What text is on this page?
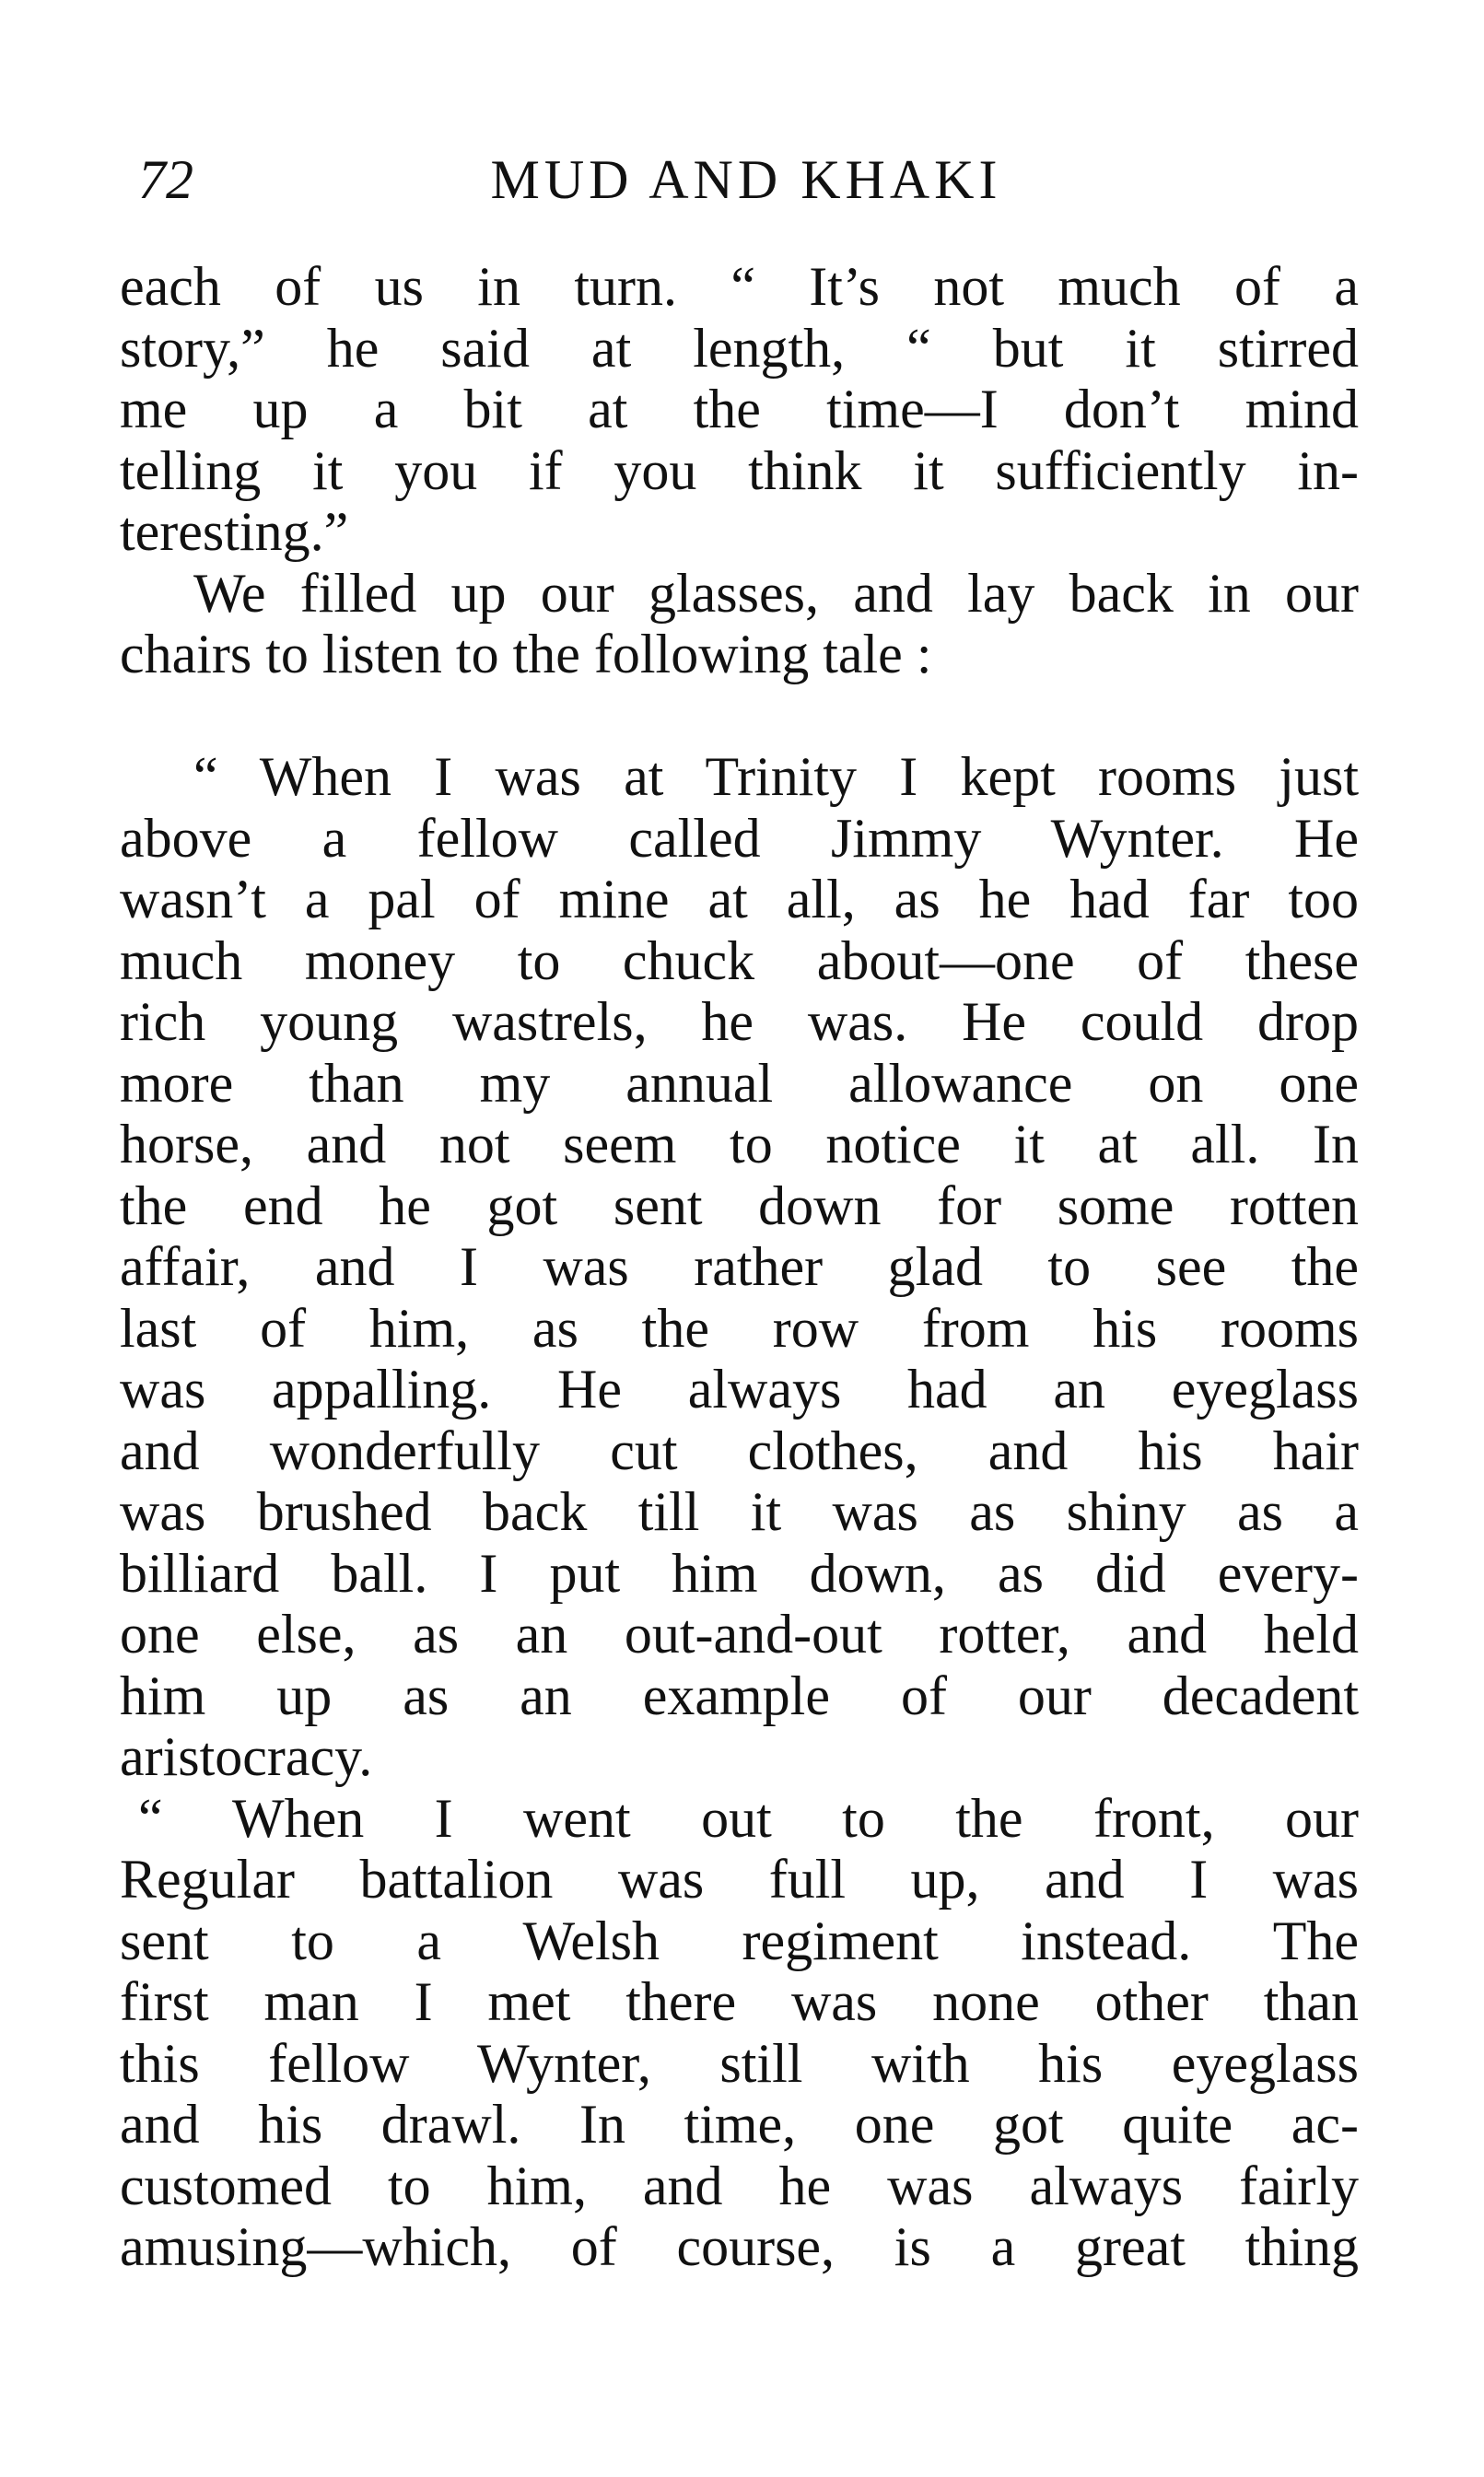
72	MUD AND KHAKI
each of us in turn. “ It’s not much of a
story,” he said at length, “ but it stirred
me up a bit at the time—I don’t mind
telling it you if you think it sufficiently in-
teresting.”
We filled up our glasses, and lay back in our
chairs to listen to the following tale :
“ When I was at Trinity I kept rooms just
above a fellow called Jimmy Wynter. He
wasn’t a pal of mine at all, as he had far too
much money to chuck about—one of these
rich young wastrels, he was. He could drop
more than my annual allowance on one
horse, and not seem to notice it at all. In
the end he got sent down for some rotten
affair, and I was rather glad to see the
last of him, as the row from his rooms
was appalling. He always had an eyeglass
and wonderfully cut clothes, and his hair
was brushed back till it was as shiny as a
billiard ball. I put him down, as did every-
one else, as an out-and-out rotter, and held
him up as an example of our decadent
aristocracy.
“ When I went out to the front, our
Regular battalion was full up, and I was
sent to a Welsh regiment instead. The
first man I met there was none other than
this fellow Wynter, still with his eyeglass
and his drawl. In time, one got quite ac-
customed to him, and he was always fairly
amusing—which, of course, is a great thing
